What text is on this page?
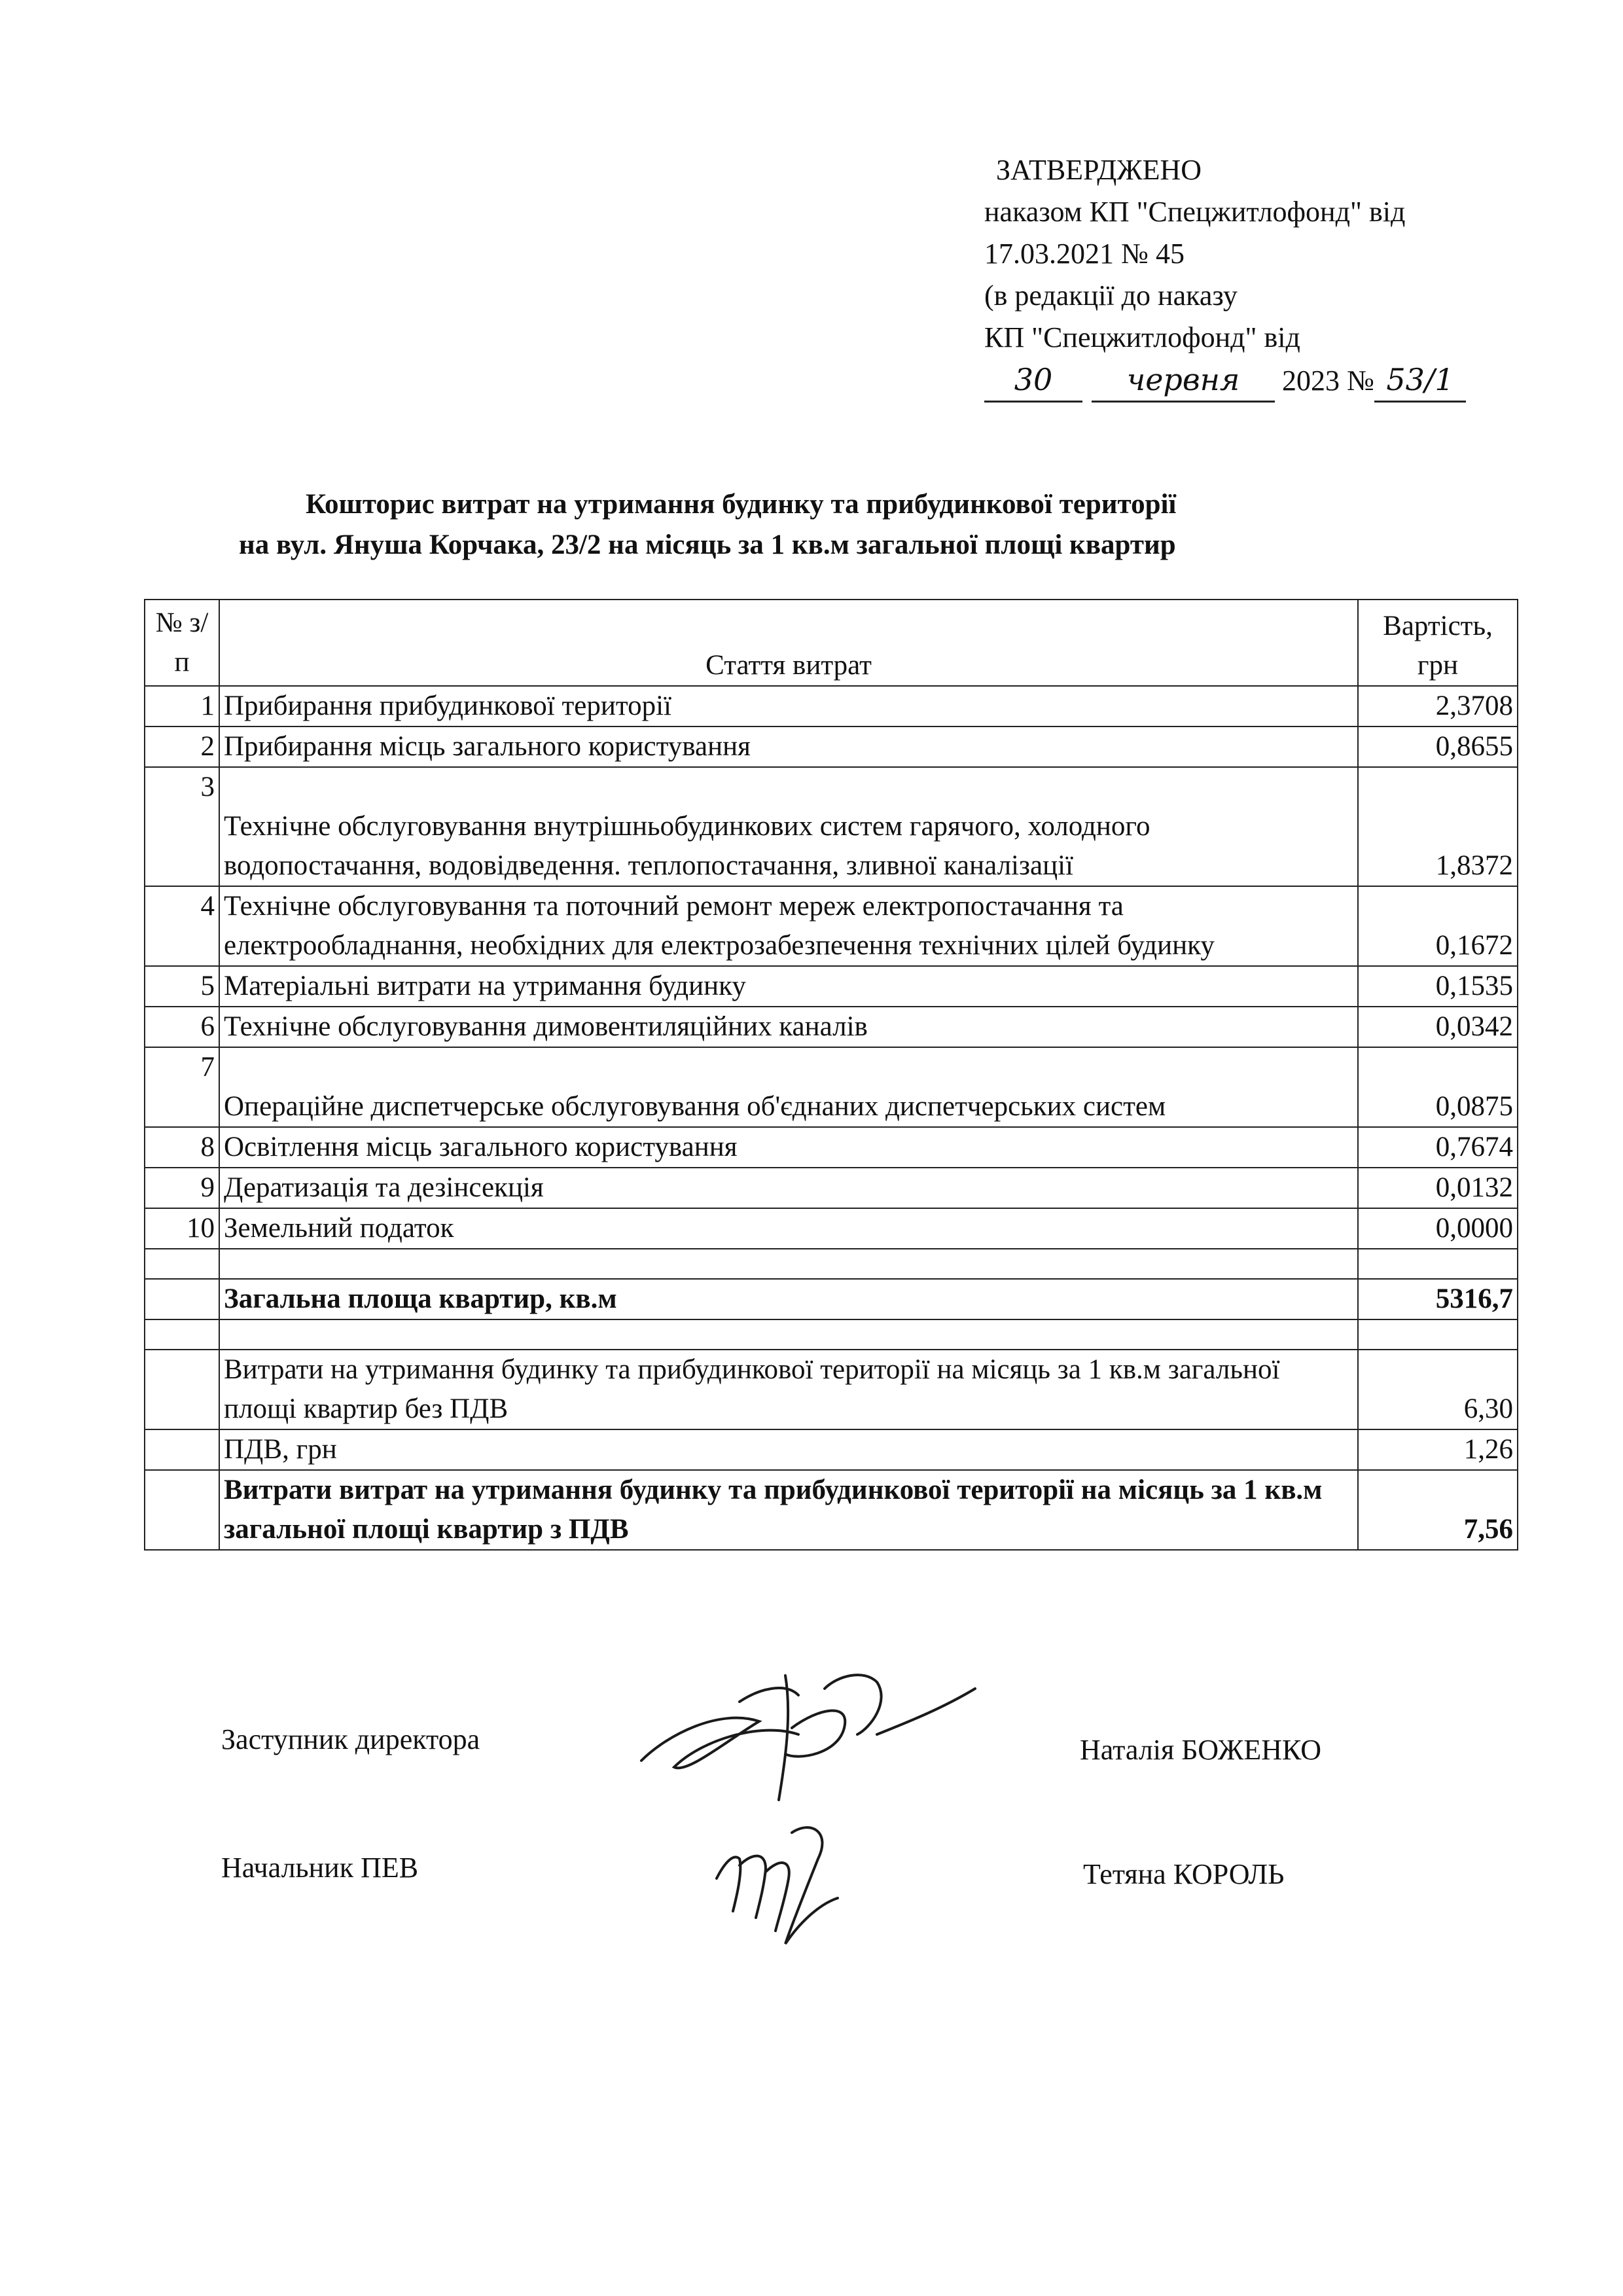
ЗАТВЕРДЖЕНО
наказом КП "Спецжитлофонд" від
17.03.2021 № 45
(в редакції до наказу
КП "Спецжитлофонд" від
30 червня 2023 № 53/1
Кошторис витрат на утримання будинку та прибудинкової території
на вул. Януша Корчака, 23/2 на місяць за 1 кв.м загальної площі квартир
№ з/п	Стаття витрат	Вартість, грн
1	Прибирання прибудинкової території	2,3708
2	Прибирання місць загального користування	0,8655
3	Технічне обслуговування внутрішньобудинкових систем гарячого, холодного водопостачання, водовідведення. теплопостачання, зливної каналізації	1,8372
4	Технічне обслуговування та поточний ремонт мереж електропостачання та електрообладнання, необхідних для електрозабезпечення технічних цілей будинку	0,1672
5	Матеріальні витрати на утримання будинку	0,1535
6	Технічне обслуговування димовентиляційних каналів	0,0342
7	Операційне диспетчерське обслуговування об'єднаних диспетчерських систем	0,0875
8	Освітлення місць загального користування	0,7674
9	Дератизація та дезінсекція	0,0132
10	Земельний податок	0,0000

	Загальна площа квартир, кв.м	5316,7

	Витрати на утримання будинку та прибудинкової території на місяць за 1 кв.м загальної площі квартир без ПДВ	6,30
	ПДВ, грн	1,26
	Витрати витрат на утримання будинку та прибудинкової території на місяць за 1 кв.м загальної площі квартир з ПДВ	7,56
Заступник директора	Наталія БОЖЕНКО
Начальник ПЕВ	Тетяна КОРОЛЬ
